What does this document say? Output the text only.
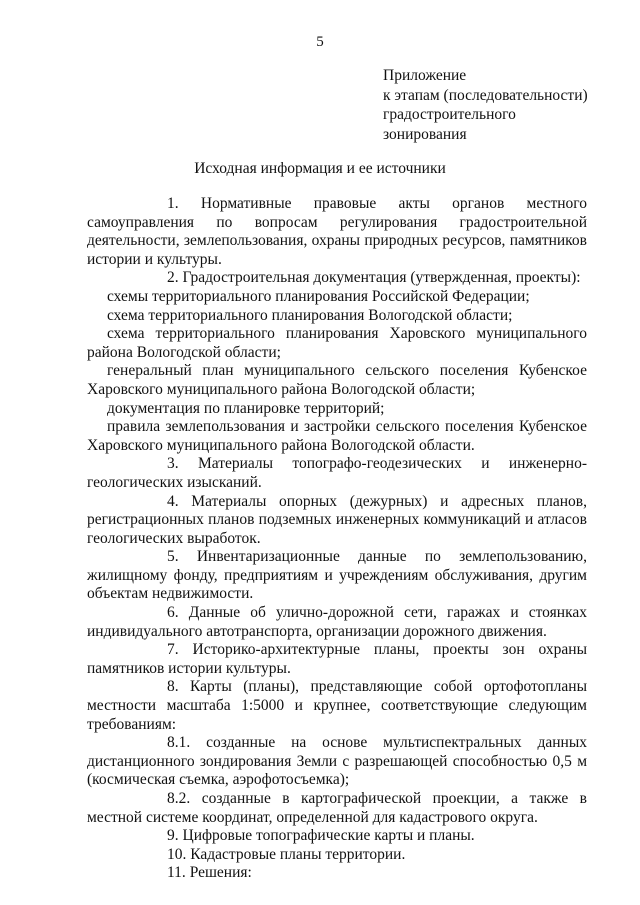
5
Приложение
к этапам (последовательности)
градостроительного
зонирования
Исходная информация и ее источники

1. Нормативные правовые акты органов местного самоуправления по вопросам регулирования градостроительной деятельности, землепользования, охраны природных ресурсов, памятников истории и культуры.

2. Градостроительная документация (утвержденная, проекты):

схемы территориального планирования Российской Федерации;

схема территориального планирования Вологодской области;

схема территориального планирования Харовского муниципального района Вологодской области;

генеральный план муниципального сельского поселения Кубенское Харовского муниципального района Вологодской области;

документация по планировке территорий;

правила землепользования и застройки сельского поселения Кубенское Харовского муниципального района Вологодской области.

3. Материалы топографо-геодезических и инженерно-геологических изысканий.

4. Материалы опорных (дежурных) и адресных планов, регистрационных планов подземных инженерных коммуникаций и атласов геологических выработок.

5. Инвентаризационные данные по землепользованию, жилищному фонду, предприятиям и учреждениям обслуживания, другим объектам недвижимости.

6. Данные об улично-дорожной сети, гаражах и стоянках индивидуального автотранспорта, организации дорожного движения.

7. Историко-архитектурные планы, проекты зон охраны памятников истории культуры.

8. Карты (планы), представляющие собой ортофотопланы местности масштаба 1:5000 и крупнее, соответствующие следующим требованиям:

8.1. созданные на основе мультиспектральных данных дистанционного зондирования Земли с разрешающей способностью 0,5 м (космическая съемка, аэрофотосъемка);

8.2. созданные в картографической проекции, а также в местной системе координат, определенной для кадастрового округа.

9. Цифровые топографические карты и планы.

10. Кадастровые планы территории.

11. Решения:
